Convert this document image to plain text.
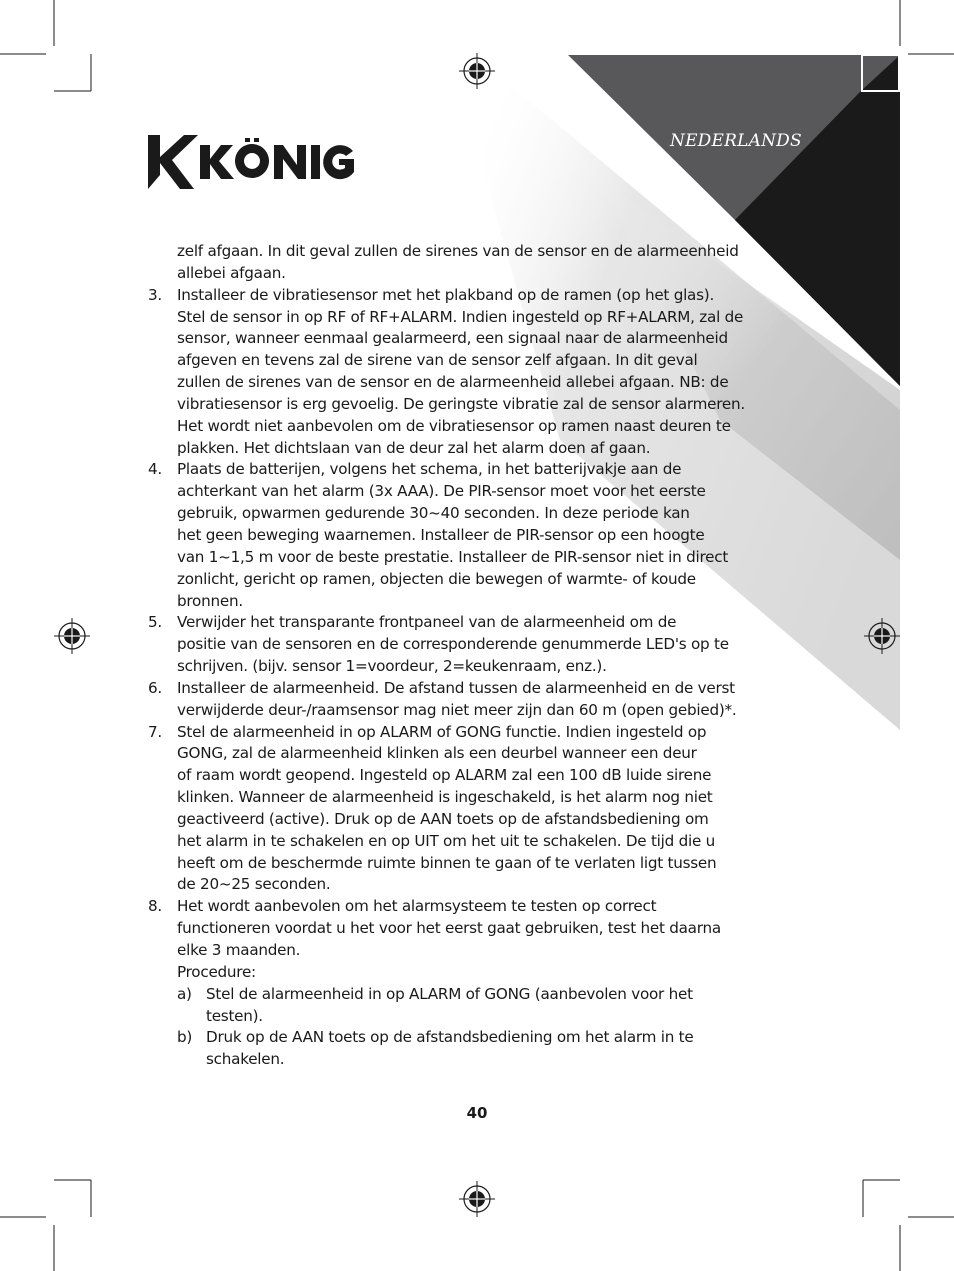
NEDERLANDS
zelf afgaan. In dit geval zullen de sirenes van de sensor en de alarmeenheid
allebei afgaan.
3. Installeer de vibratiesensor met het plakband op de ramen (op het glas).
Stel de sensor in op RF of RF+ALARM. Indien ingesteld op RF+ALARM, zal de
sensor, wanneer eenmaal gealarmeerd, een signaal naar de alarmeenheid
afgeven en tevens zal de sirene van de sensor zelf afgaan. In dit geval
zullen de sirenes van de sensor en de alarmeenheid allebei afgaan. NB: de
vibratiesensor is erg gevoelig. De geringste vibratie zal de sensor alarmeren.
Het wordt niet aanbevolen om de vibratiesensor op ramen naast deuren te
plakken. Het dichtslaan van de deur zal het alarm doen af gaan.
4. Plaats de batterijen, volgens het schema, in het batterijvakje aan de
achterkant van het alarm (3x AAA). De PIR-sensor moet voor het eerste
gebruik, opwarmen gedurende 30~40 seconden. In deze periode kan
het geen beweging waarnemen. Installeer de PIR-sensor op een hoogte
van 1~1,5 m voor de beste prestatie. Installeer de PIR-sensor niet in direct
zonlicht, gericht op ramen, objecten die bewegen of warmte- of koude
bronnen.
5. Verwijder het transparante frontpaneel van de alarmeenheid om de
positie van de sensoren en de corresponderende genummerde LED's op te
schrijven. (bijv. sensor 1=voordeur, 2=keukenraam, enz.).
6. Installeer de alarmeenheid. De afstand tussen de alarmeenheid en de verst
verwijderde deur-/raamsensor mag niet meer zijn dan 60 m (open gebied)*.
7. Stel de alarmeenheid in op ALARM of GONG functie. Indien ingesteld op
GONG, zal de alarmeenheid klinken als een deurbel wanneer een deur
of raam wordt geopend. Ingesteld op ALARM zal een 100 dB luide sirene
klinken. Wanneer de alarmeenheid is ingeschakeld, is het alarm nog niet
geactiveerd (active). Druk op de AAN toets op de afstandsbediening om
het alarm in te schakelen en op UIT om het uit te schakelen. De tijd die u
heeft om de beschermde ruimte binnen te gaan of te verlaten ligt tussen
de 20~25 seconden.
8. Het wordt aanbevolen om het alarmsysteem te testen op correct
functioneren voordat u het voor het eerst gaat gebruiken, test het daarna
elke 3 maanden.
Procedure:
a) Stel de alarmeenheid in op ALARM of GONG (aanbevolen voor het
testen).
b) Druk op de AAN toets op de afstandsbediening om het alarm in te
schakelen.
40
